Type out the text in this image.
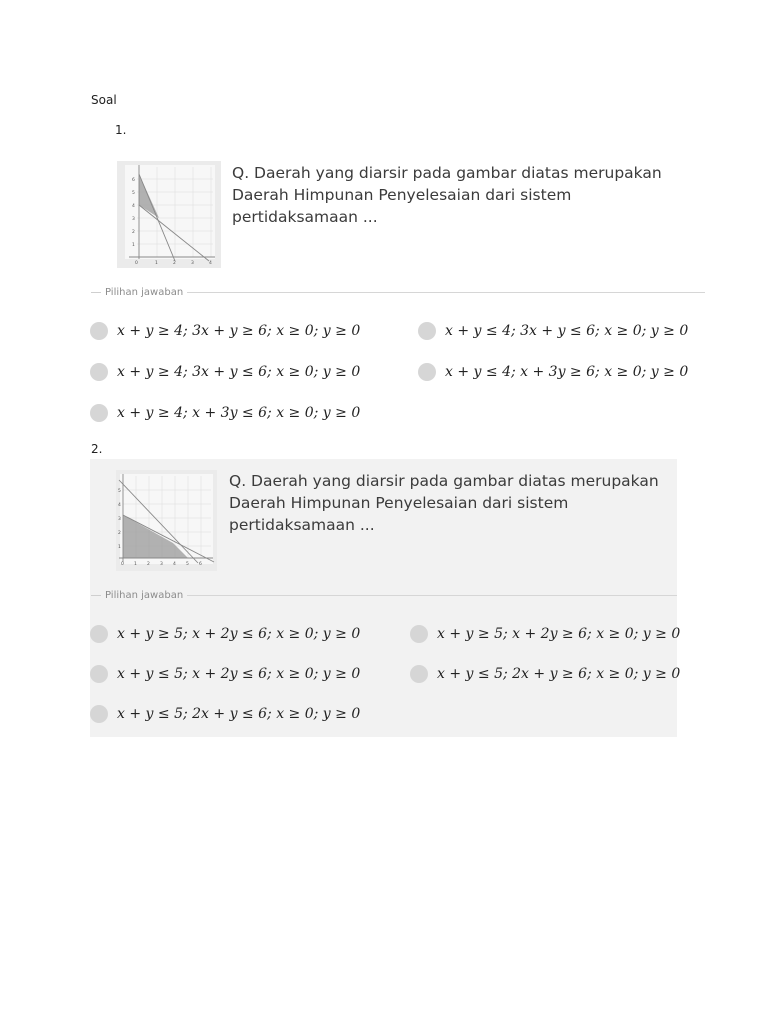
Soal
1.
0	1	2	3	4
1
2
3
4
5
6	Q. Daerah yang diarsir pada gambar diatas merupakan Daerah Himpunan Penyelesaian dari sistem pertidaksamaan ...
Pilihan jawaban
x + y ≥ 4; 3x + y ≥ 6; x ≥ 0; y ≥ 0	x + y ≤ 4; 3x + y ≤ 6; x ≥ 0; y ≥ 0
x + y ≥ 4; 3x + y ≤ 6; x ≥ 0; y ≥ 0	x + y ≤ 4; x + 3y ≥ 6; x ≥ 0; y ≥ 0
x + y ≥ 4; x + 3y ≤ 6; x ≥ 0; y ≥ 0
2.
0 1 2 3 4 5 6
1
2
3
4
5
Q. Daerah yang diarsir pada gambar diatas merupakan Daerah Himpunan Penyelesaian dari sistem pertidaksamaan ...
Pilihan jawaban
x + y ≥ 5; x + 2y ≤ 6; x ≥ 0; y ≥ 0	x + y ≥ 5; x + 2y ≥ 6; x ≥ 0; y ≥ 0
x + y ≤ 5; x + 2y ≤ 6; x ≥ 0; y ≥ 0	x + y ≤ 5; 2x + y ≥ 6; x ≥ 0; y ≥ 0
x + y ≤ 5; 2x + y ≤ 6; x ≥ 0; y ≥ 0
